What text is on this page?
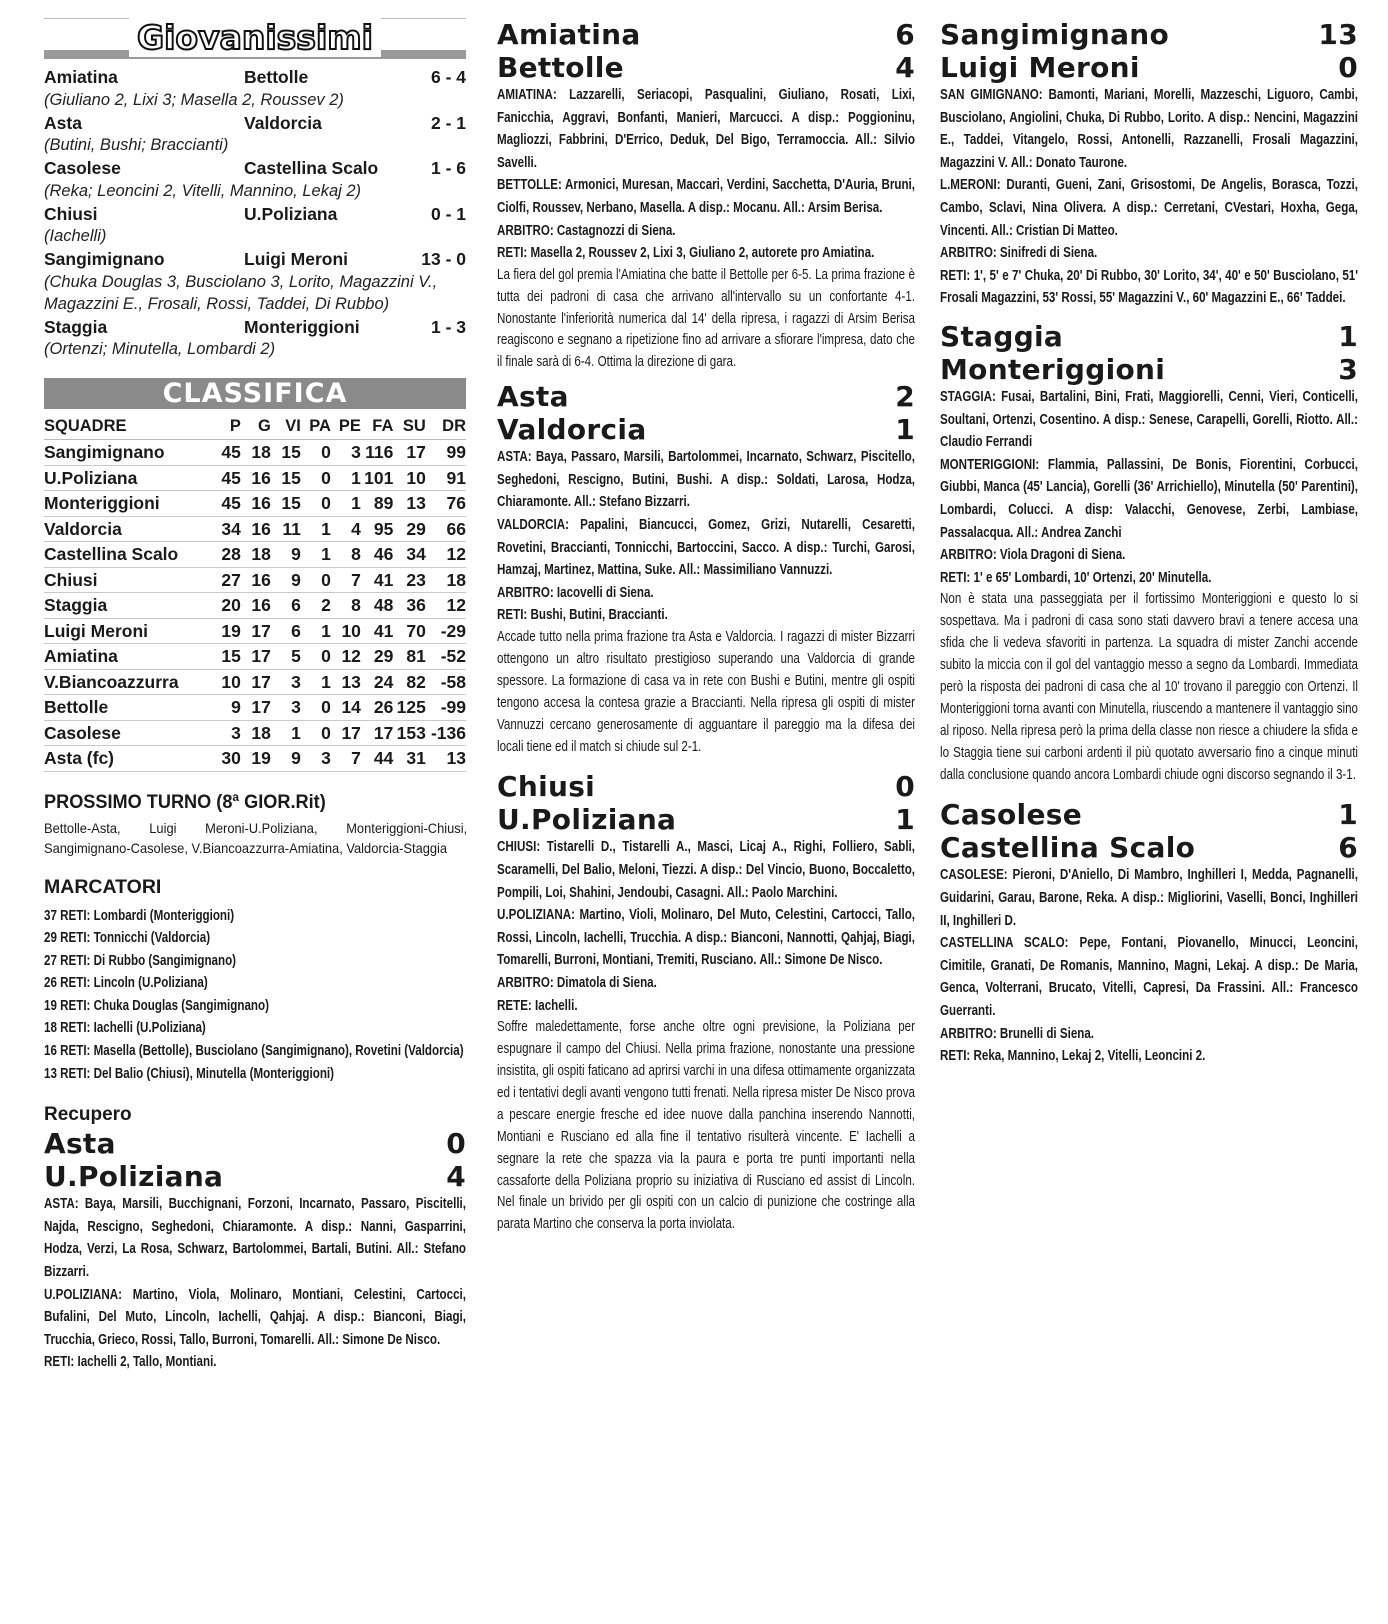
Giovanissimi
Amiatina	Bettolle	6 - 4
(Giuliano 2, Lixi 3; Masella 2, Roussev 2)
Asta	Valdorcia	2 - 1
(Butini, Bushi; Braccianti)
Casolese	Castellina Scalo	1 - 6
(Reka; Leoncini 2, Vitelli, Mannino, Lekaj 2)
Chiusi	U.Poliziana	0 - 1
(Iachelli)
Sangimignano	Luigi Meroni	13 - 0
(Chuka Douglas 3, Busciolano 3, Lorito, Magazzini V., Magazzini E., Frosali, Rossi, Taddei, Di Rubbo)
Staggia	Monteriggioni	1 - 3
(Ortenzi; Minutella, Lombardi 2)
CLASSIFICA
SQUADRE	P	G	VI	PA	PE	FA	SU	DR
Sangimignano	45	18	15	0	3	116	17	99
U.Poliziana	45	16	15	0	1	101	10	91
Monteriggioni	45	16	15	0	1	89	13	76
Valdorcia	34	16	11	1	4	95	29	66
Castellina Scalo	28	18	9	1	8	46	34	12
Chiusi	27	16	9	0	7	41	23	18
Staggia	20	16	6	2	8	48	36	12
Luigi Meroni	19	17	6	1	10	41	70	-29
Amiatina	15	17	5	0	12	29	81	-52
V.Biancoazzurra	10	17	3	1	13	24	82	-58
Bettolle	9	17	3	0	14	26	125	-99
Casolese	3	18	1	0	17	17	153	-136
Asta (fc)	30	19	9	3	7	44	31	13
PROSSIMO TURNO (8ª GIOR.Rit)
Bettolle-Asta, Luigi Meroni-U.Poliziana, Monteriggioni-Chiusi, Sangimignano-Casolese, V.Biancoazzurra-Amiatina, Valdorcia-Staggia
MARCATORI

37 RETI: Lombardi (Monteriggioni)

29 RETI: Tonnicchi (Valdorcia)

27 RETI: Di Rubbo (Sangimignano)

26 RETI: Lincoln (U.Poliziana)

19 RETI: Chuka Douglas (Sangimignano)

18 RETI: Iachelli (U.Poliziana)

16 RETI: Masella (Bettolle), Busciolano (Sangimignano), Rovetini (Valdorcia)

13 RETI: Del Balio (Chiusi), Minutella (Monteriggioni)

Recupero
Asta	0
U.Poliziana	4

ASTA: Baya, Marsili, Bucchignani, Forzoni, Incarnato, Passaro, Piscitelli, Najda, Rescigno, Seghedoni, Chiaramonte. A disp.: Nanni, Gasparrini, Hodza, Verzi, La Rosa, Schwarz, Bartolommei, Bartali, Butini. All.: Stefano Bizzarri.

U.POLIZIANA: Martino, Viola, Molinaro, Montiani, Celestini, Cartocci, Bufalini, Del Muto, Lincoln, Iachelli, Qahjaj. A disp.: Bianconi, Biagi, Trucchia, Grieco, Rossi, Tallo, Burroni, Tomarelli. All.: Simone De Nisco.

RETI: Iachelli 2, Tallo, Montiani.

Amiatina	6
Bettolle	4

AMIATINA: Lazzarelli, Seriacopi, Pasqualini, Giuliano, Rosati, Lixi, Fanicchia, Aggravi, Bonfanti, Manieri, Marcucci. A disp.: Poggioninu, Magliozzi, Fabbrini, D'Errico, Deduk, Del Bigo, Terramoccia. All.: Silvio Savelli.

BETTOLLE: Armonici, Muresan, Maccari, Verdini, Sacchetta, D'Auria, Bruni, Ciolfi, Roussev, Nerbano, Masella. A disp.: Mocanu. All.: Arsim Berisa.

ARBITRO: Castagnozzi di Siena.

RETI: Masella 2, Roussev 2, Lixi 3, Giuliano 2, autorete pro Amiatina.

La fiera del gol premia l'Amiatina che batte il Bettolle per 6-5. La prima frazione è tutta dei padroni di casa che arrivano all'intervallo su un confortante 4-1. Nonostante l'inferiorità numerica dal 14' della ripresa, i ragazzi di Arsim Berisa reagiscono e segnano a ripetizione fino ad arrivare a sfiorare l'impresa, dato che il finale sarà di 6-4. Ottima la direzione di gara.

Asta	2
Valdorcia	1

ASTA: Baya, Passaro, Marsili, Bartolommei, Incarnato, Schwarz, Piscitello, Seghedoni, Rescigno, Butini, Bushi. A disp.: Soldati, Larosa, Hodza, Chiaramonte. All.: Stefano Bizzarri.

VALDORCIA: Papalini, Biancucci, Gomez, Grizi, Nutarelli, Cesaretti, Rovetini, Braccianti, Tonnicchi, Bartoccini, Sacco. A disp.: Turchi, Garosi, Hamzaj, Martinez, Mattina, Suke. All.: Massimiliano Vannuzzi.

ARBITRO: Iacovelli di Siena.

RETI: Bushi, Butini, Braccianti.

Accade tutto nella prima frazione tra Asta e Valdorcia. I ragazzi di mister Bizzarri ottengono un altro risultato prestigioso superando una Valdorcia di grande spessore. La formazione di casa va in rete con Bushi e Butini, mentre gli ospiti tengono accesa la contesa grazie a Braccianti. Nella ripresa gli ospiti di mister Vannuzzi cercano generosamente di agguantare il pareggio ma la difesa dei locali tiene ed il match si chiude sul 2-1.

Chiusi	0
U.Poliziana	1

CHIUSI: Tistarelli D., Tistarelli A., Masci, Licaj A., Righi, Folliero, Sabli, Scaramelli, Del Balio, Meloni, Tiezzi. A disp.: Del Vincio, Buono, Boccaletto, Pompili, Loi, Shahini, Jendoubi, Casagni. All.: Paolo Marchini.

U.POLIZIANA: Martino, Violi, Molinaro, Del Muto, Celestini, Cartocci, Tallo, Rossi, Lincoln, Iachelli, Trucchia. A disp.: Bianconi, Nannotti, Qahjaj, Biagi, Tomarelli, Burroni, Montiani, Tremiti, Rusciano. All.: Simone De Nisco.

ARBITRO: Dimatola di Siena.

RETE: Iachelli.

Soffre maledettamente, forse anche oltre ogni previsione, la Poliziana per espugnare il campo del Chiusi. Nella prima frazione, nonostante una pressione insistita, gli ospiti faticano ad aprirsi varchi in una difesa ottimamente organizzata ed i tentativi degli avanti vengono tutti frenati. Nella ripresa mister De Nisco prova a pescare energie fresche ed idee nuove dalla panchina inserendo Nannotti, Montiani e Rusciano ed alla fine il tentativo risulterà vincente. E' Iachelli a segnare la rete che spazza via la paura e porta tre punti importanti nella cassaforte della Poliziana proprio su iniziativa di Rusciano ed assist di Lincoln. Nel finale un brivido per gli ospiti con un calcio di punizione che costringe alla parata Martino che conserva la porta inviolata.

Sangimignano	13
Luigi Meroni	0

SAN GIMIGNANO: Bamonti, Mariani, Morelli, Mazzeschi, Liguoro, Cambi, Busciolano, Angiolini, Chuka, Di Rubbo, Lorito. A disp.: Nencini, Magazzini E., Taddei, Vitangelo, Rossi, Antonelli, Razzanelli, Frosali Magazzini, Magazzini V. All.: Donato Taurone.

L.MERONI: Duranti, Gueni, Zani, Grisostomi, De Angelis, Borasca, Tozzi, Cambo, Sclavi, Nina Olivera. A disp.: Cerretani, CVestari, Hoxha, Gega, Vincenti. All.: Cristian Di Matteo.

ARBITRO: Sinifredi di Siena.

RETI: 1', 5' e 7' Chuka, 20' Di Rubbo, 30' Lorito, 34', 40' e 50' Busciolano, 51' Frosali Magazzini, 53' Rossi, 55' Magazzini V., 60' Magazzini E., 66' Taddei.

Staggia	1
Monteriggioni	3

STAGGIA: Fusai, Bartalini, Bini, Frati, Maggiorelli, Cenni, Vieri, Conticelli, Soultani, Ortenzi, Cosentino. A disp.: Senese, Carapelli, Gorelli, Riotto. All.: Claudio Ferrandi

MONTERIGGIONI: Flammia, Pallassini, De Bonis, Fiorentini, Corbucci, Giubbi, Manca (45' Lancia), Gorelli (36' Arrichiello), Minutella (50' Parentini), Lombardi, Colucci. A disp: Valacchi, Genovese, Zerbi, Lambiase, Passalacqua. All.: Andrea Zanchi

ARBITRO: Viola Dragoni di Siena.

RETI: 1' e 65' Lombardi, 10' Ortenzi, 20' Minutella.

Non è stata una passeggiata per il fortissimo Monteriggioni e questo lo si sospettava. Ma i padroni di casa sono stati davvero bravi a tenere accesa una sfida che li vedeva sfavoriti in partenza. La squadra di mister Zanchi accende subito la miccia con il gol del vantaggio messo a segno da Lombardi. Immediata però la risposta dei padroni di casa che al 10' trovano il pareggio con Ortenzi. Il Monteriggioni torna avanti con Minutella, riuscendo a mantenere il vantaggio sino al riposo. Nella ripresa però la prima della classe non riesce a chiudere la sfida e lo Staggia tiene sui carboni ardenti il più quotato avversario fino a cinque minuti dalla conclusione quando ancora Lombardi chiude ogni discorso segnando il 3-1.

Casolese	1
Castellina Scalo	6

CASOLESE: Pieroni, D'Aniello, Di Mambro, Inghilleri I, Medda, Pagnanelli, Guidarini, Garau, Barone, Reka. A disp.: Migliorini, Vaselli, Bonci, Inghilleri II, Inghilleri D.

CASTELLINA SCALO: Pepe, Fontani, Piovanello, Minucci, Leoncini, Cimitile, Granati, De Romanis, Mannino, Magni, Lekaj. A disp.: De Maria, Genca, Volterrani, Brucato, Vitelli, Capresi, Da Frassini. All.: Francesco Guerranti.

ARBITRO: Brunelli di Siena.

RETI: Reka, Mannino, Lekaj 2, Vitelli, Leoncini 2.
